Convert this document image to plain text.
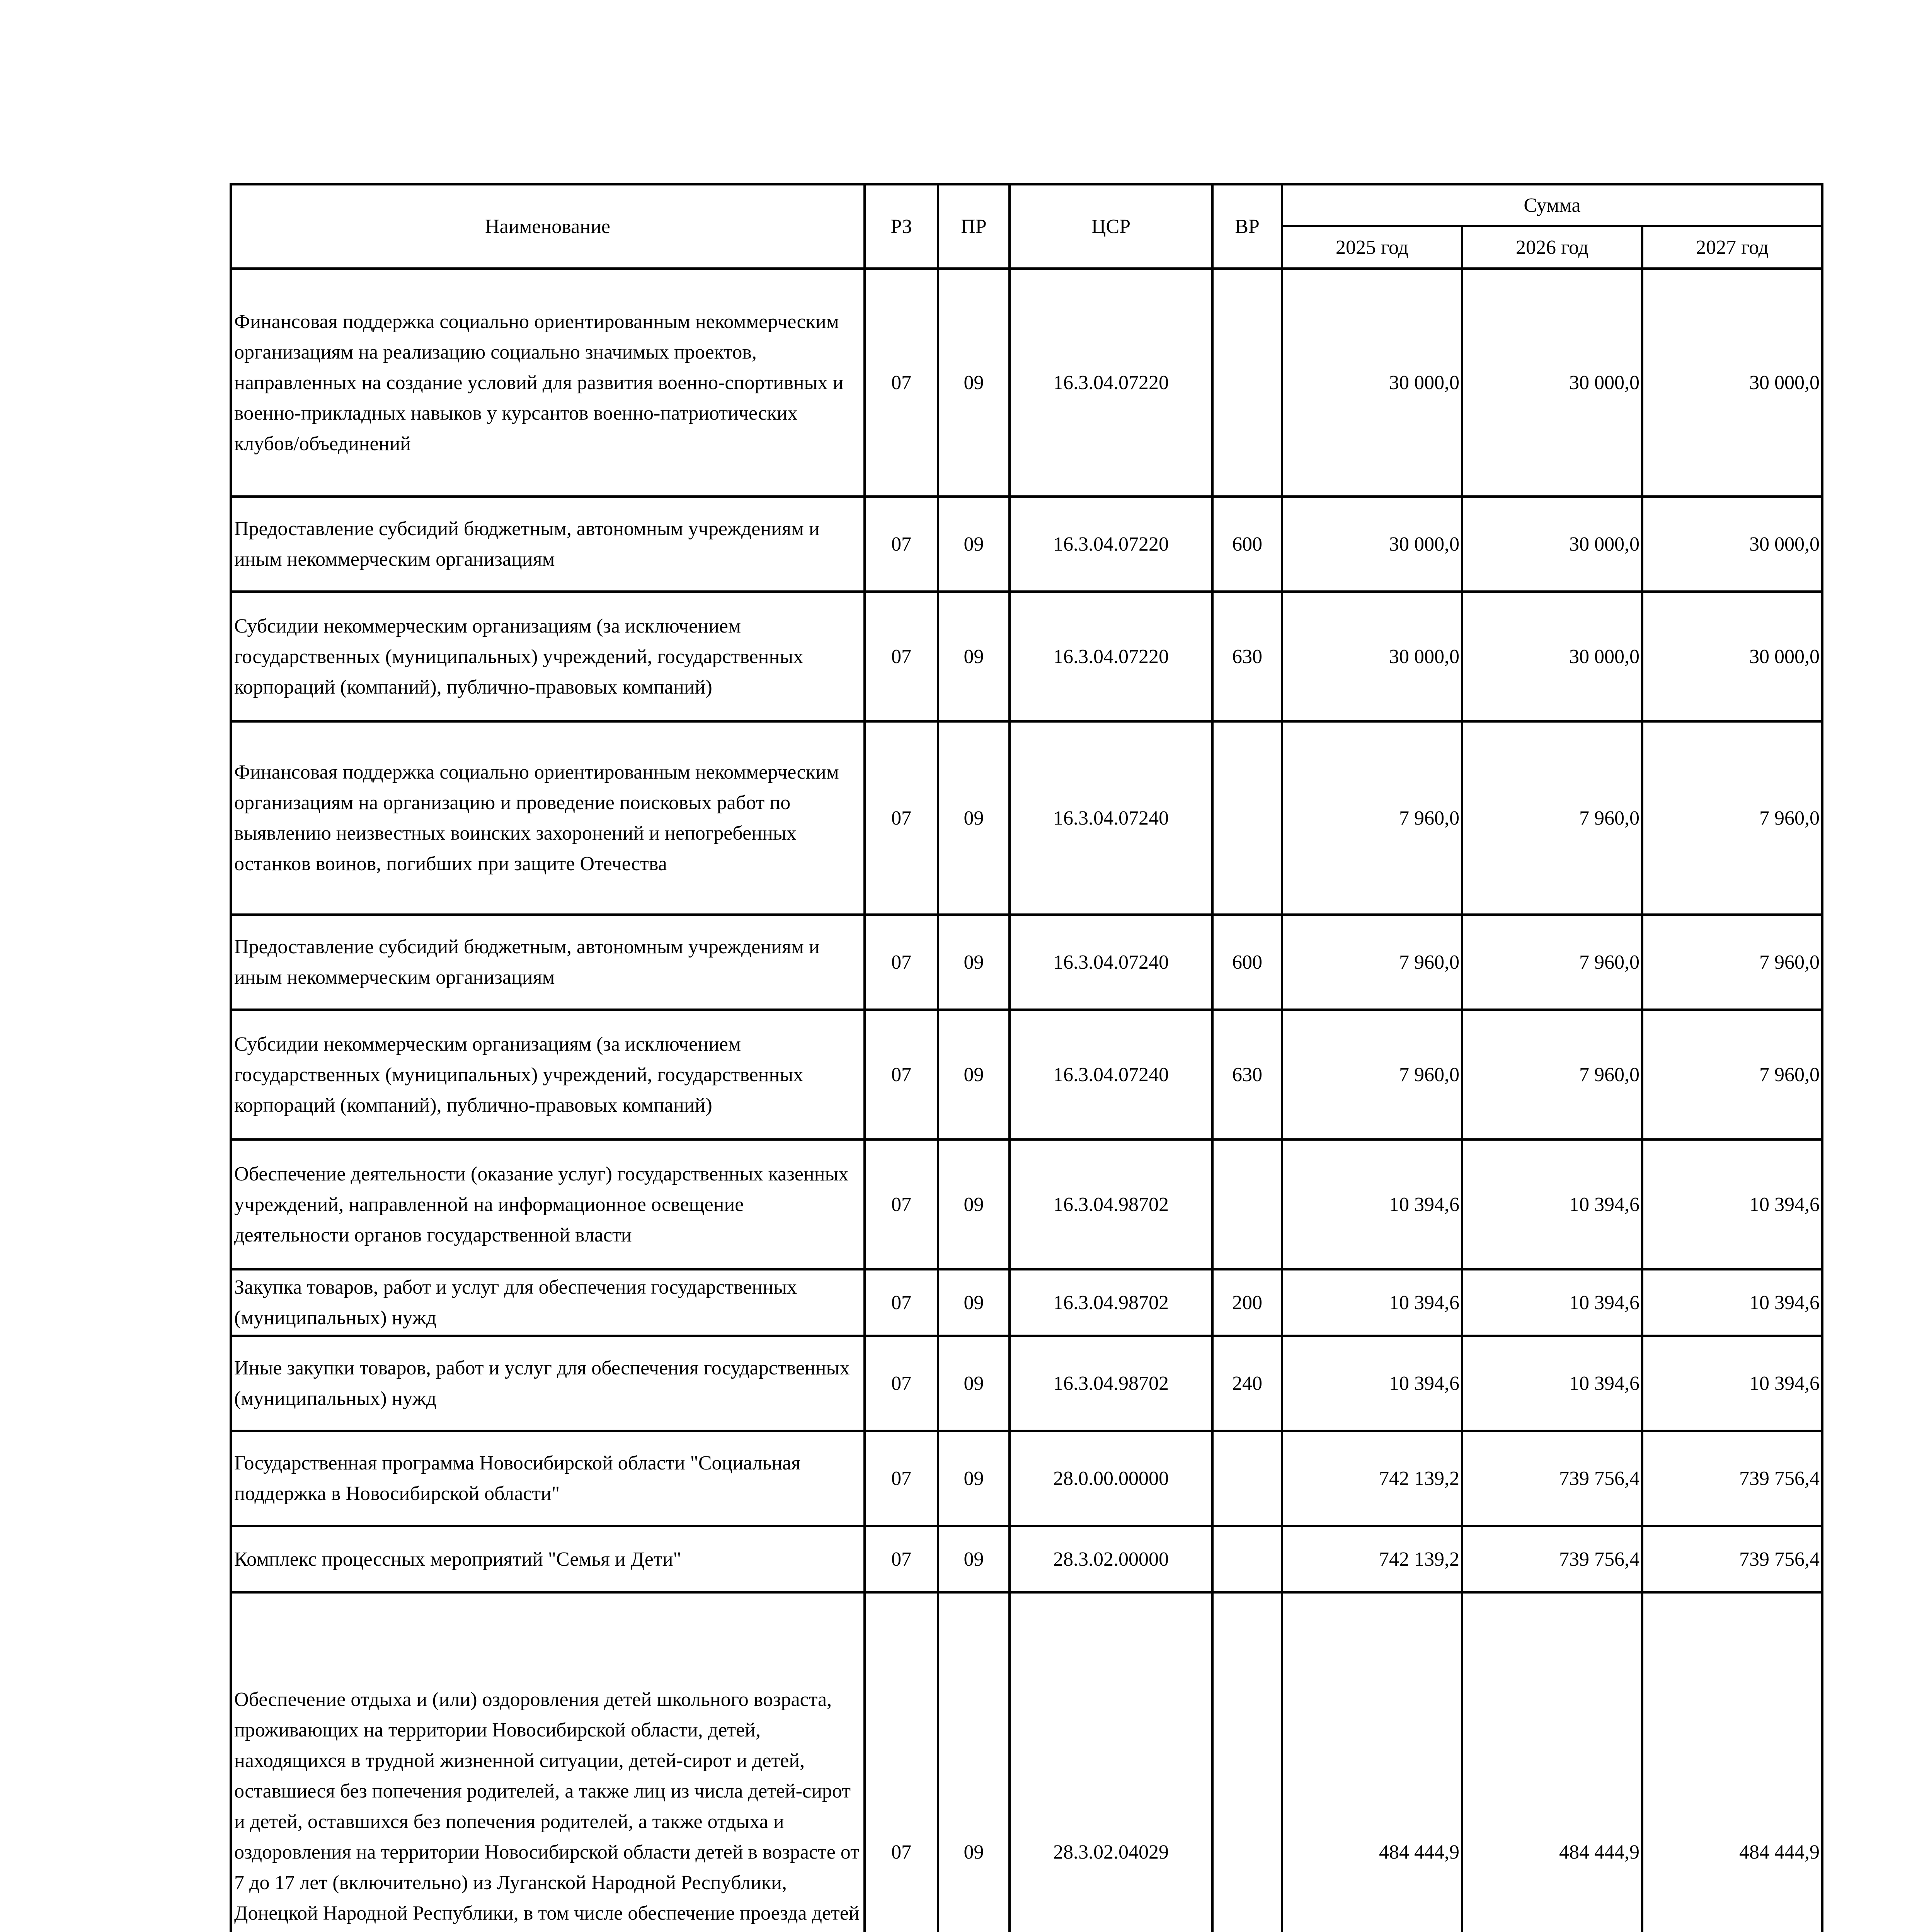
Наименование	РЗ	ПР	ЦСР	ВР	Сумма		
					2025 год	2026 год	2027 год
Финансовая поддержка социально ориентированным некоммерческим организациям на реализацию социально значимых проектов, направленных на создание условий для развития военно-спортивных и военно-прикладных навыков у курсантов военно-патриотических клубов/объединений	07	09	16.3.04.07220		30 000,0	30 000,0	30 000,0
Предоставление субсидий бюджетным, автономным учреждениям и иным некоммерческим организациям	07	09	16.3.04.07220	600	30 000,0	30 000,0	30 000,0
Субсидии некоммерческим организациям (за исключением государственных (муниципальных) учреждений, государственных корпораций (компаний), публично-правовых компаний)	07	09	16.3.04.07220	630	30 000,0	30 000,0	30 000,0
Финансовая поддержка социально ориентированным некоммерческим организациям на организацию и проведение поисковых работ по выявлению неизвестных воинских захоронений и непогребенных останков воинов, погибших при защите Отечества	07	09	16.3.04.07240		7 960,0	7 960,0	7 960,0
Предоставление субсидий бюджетным, автономным учреждениям и иным некоммерческим организациям	07	09	16.3.04.07240	600	7 960,0	7 960,0	7 960,0
Субсидии некоммерческим организациям (за исключением государственных (муниципальных) учреждений, государственных корпораций (компаний), публично-правовых компаний)	07	09	16.3.04.07240	630	7 960,0	7 960,0	7 960,0
Обеспечение деятельности (оказание услуг) государственных казенных учреждений, направленной на информационное освещение деятельности органов государственной власти	07	09	16.3.04.98702		10 394,6	10 394,6	10 394,6
Закупка товаров, работ и услуг для обеспечения государственных (муниципальных) нужд	07	09	16.3.04.98702	200	10 394,6	10 394,6	10 394,6
Иные закупки товаров, работ и услуг для обеспечения государственных (муниципальных) нужд	07	09	16.3.04.98702	240	10 394,6	10 394,6	10 394,6
Государственная программа Новосибирской области "Социальная поддержка в Новосибирской области"	07	09	28.0.00.00000		742 139,2	739 756,4	739 756,4
Комплекс процессных мероприятий "Семья и Дети"	07	09	28.3.02.00000		742 139,2	739 756,4	739 756,4
Обеспечение отдыха и (или) оздоровления детей школьного возраста, проживающих на территории Новосибирской области, детей, находящихся в трудной жизненной ситуации, детей-сирот и детей, оставшиеся без попечения родителей, а также лиц из числа детей-сирот и детей, оставшихся без попечения родителей, а также отдыха и оздоровления на территории Новосибирской области детей в возрасте от 7 до 17 лет (включительно) из Луганской Народной Республики, Донецкой Народной Республики, в том числе обеспечение проезда детей	07	09	28.3.02.04029		484 444,9	484 444,9	484 444,9
